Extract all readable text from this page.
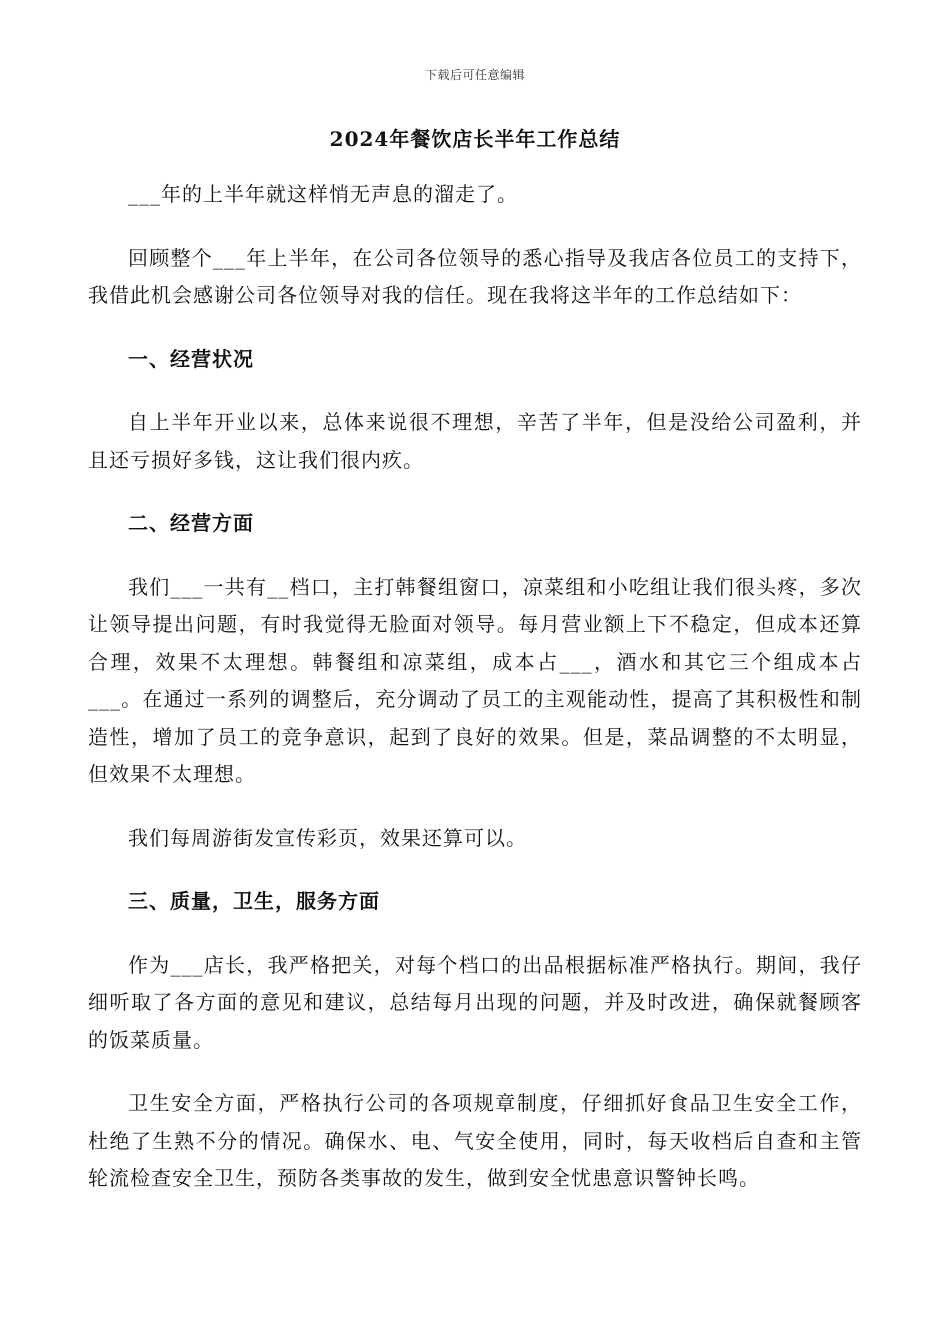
下载后可任意编辑
2024年餐饮店长半年工作总结

___年的上半年就这样悄无声息的溜走了。

回顾整个___年上半年，在公司各位领导的悉心指导及我店各位员工的支持下，我借此机会感谢公司各位领导对我的信任。现在我将这半年的工作总结如下：

一、经营状况

自上半年开业以来，总体来说很不理想，辛苦了半年，但是没给公司盈利，并且还亏损好多钱，这让我们很内疚。

二、经营方面

我们___一共有__档口，主打韩餐组窗口，凉菜组和小吃组让我们很头疼，多次让领导提出问题，有时我觉得无脸面对领导。每月营业额上下不稳定，但成本还算合理，效果不太理想。韩餐组和凉菜组，成本占___，酒水和其它三个组成本占___。在通过一系列的调整后，充分调动了员工的主观能动性，提高了其积极性和制造性，增加了员工的竞争意识，起到了良好的效果。但是，菜品调整的不太明显，但效果不太理想。

我们每周游街发宣传彩页，效果还算可以。

三、质量，卫生，服务方面

作为___店长，我严格把关，对每个档口的出品根据标准严格执行。期间，我仔细听取了各方面的意见和建议，总结每月出现的问题，并及时改进，确保就餐顾客的饭菜质量。

卫生安全方面，严格执行公司的各项规章制度，仔细抓好食品卫生安全工作，杜绝了生熟不分的情况。确保水、电、气安全使用，同时，每天收档后自查和主管轮流检查安全卫生，预防各类事故的发生，做到安全忧患意识警钟长鸣。
